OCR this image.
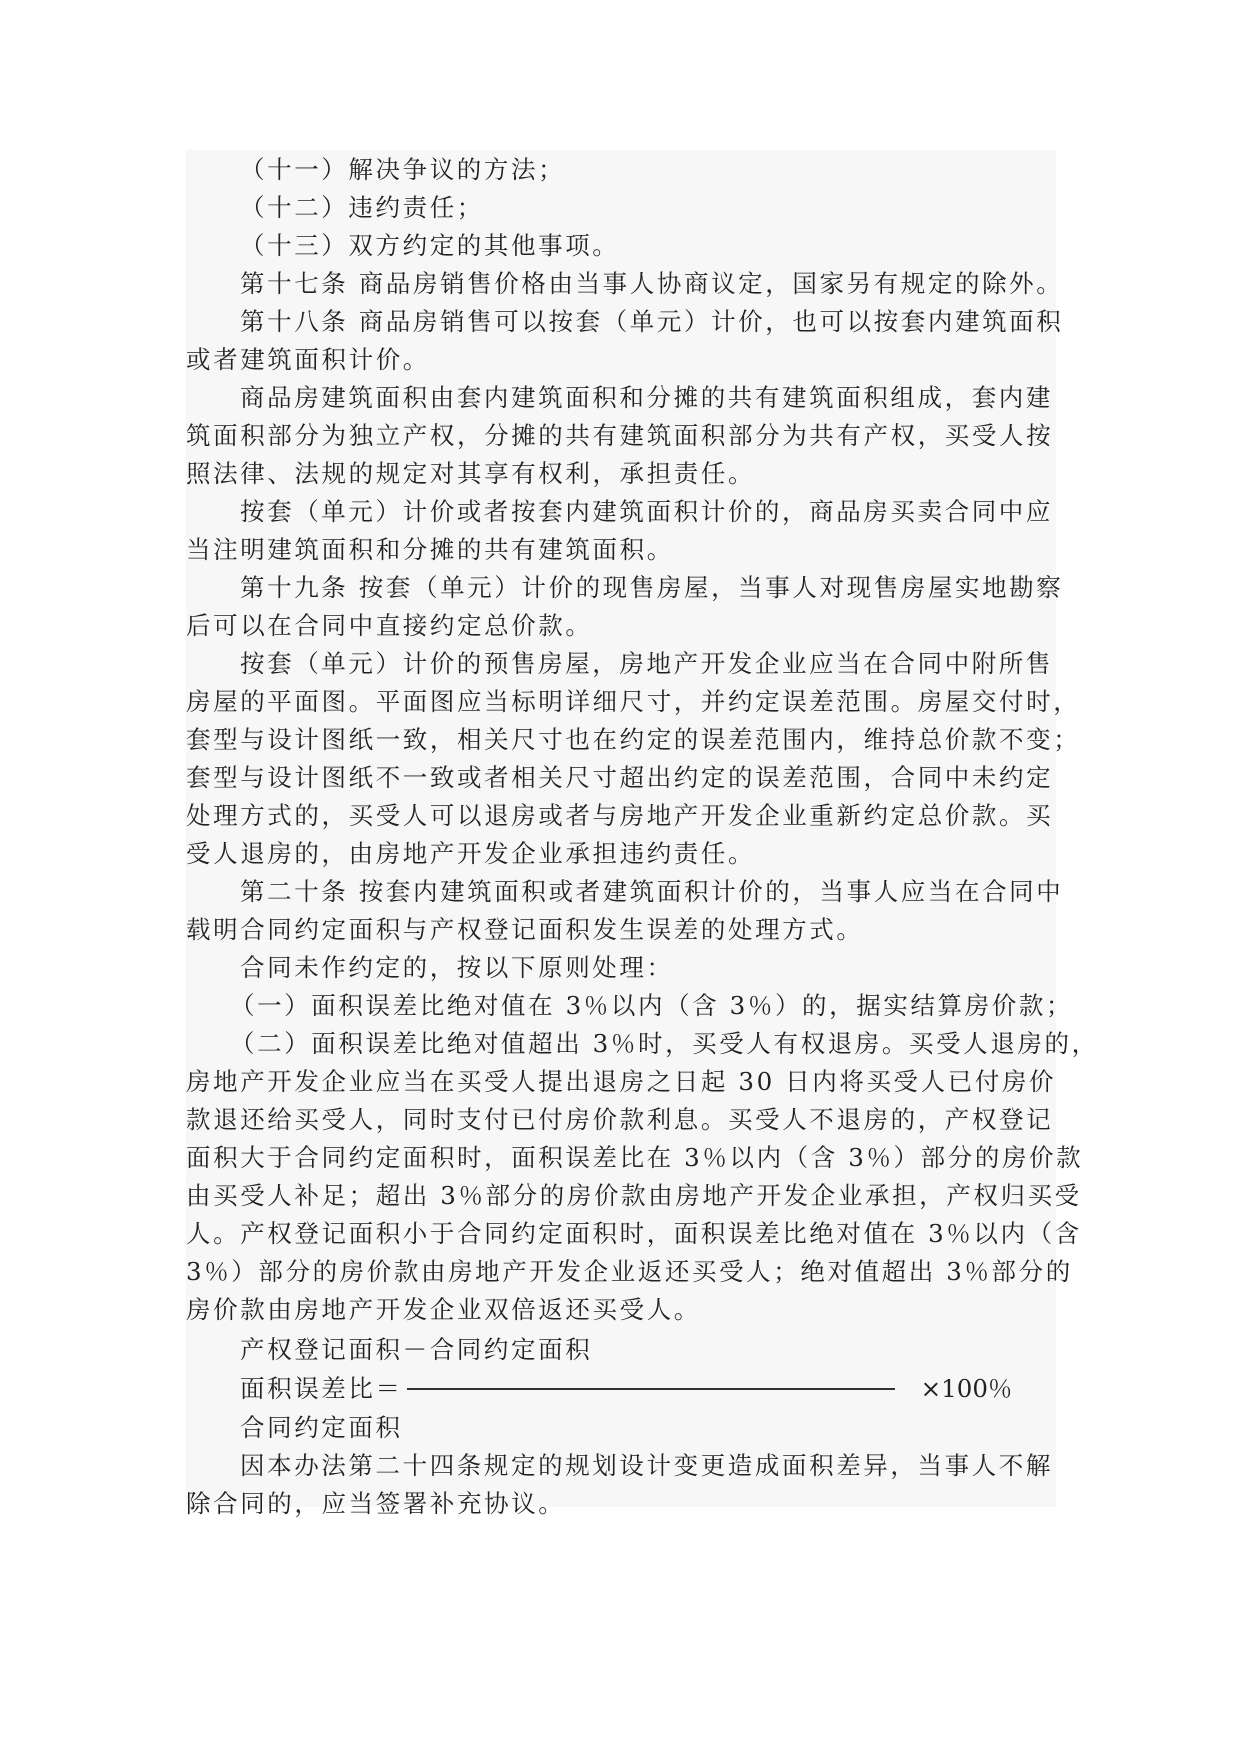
（十一）解决争议的方法；
（十二）违约责任；
（十三）双方约定的其他事项。
第十七条 商品房销售价格由当事人协商议定，国家另有规定的除外。
第十八条 商品房销售可以按套（单元）计价，也可以按套内建筑面积
或者建筑面积计价。
商品房建筑面积由套内建筑面积和分摊的共有建筑面积组成，套内建
筑面积部分为独立产权，分摊的共有建筑面积部分为共有产权，买受人按
照法律、法规的规定对其享有权利，承担责任。
按套（单元）计价或者按套内建筑面积计价的，商品房买卖合同中应
当注明建筑面积和分摊的共有建筑面积。
第十九条 按套（单元）计价的现售房屋，当事人对现售房屋实地勘察
后可以在合同中直接约定总价款。
按套（单元）计价的预售房屋，房地产开发企业应当在合同中附所售
房屋的平面图。平面图应当标明详细尺寸，并约定误差范围。房屋交付时，
套型与设计图纸一致，相关尺寸也在约定的误差范围内，维持总价款不变；
套型与设计图纸不一致或者相关尺寸超出约定的误差范围，合同中未约定
处理方式的，买受人可以退房或者与房地产开发企业重新约定总价款。买
受人退房的，由房地产开发企业承担违约责任。
第二十条 按套内建筑面积或者建筑面积计价的，当事人应当在合同中
载明合同约定面积与产权登记面积发生误差的处理方式。
合同未作约定的，按以下原则处理：
（一）面积误差比绝对值在 3％以内（含 3％）的，据实结算房价款；
（二）面积误差比绝对值超出 3％时，买受人有权退房。买受人退房的，
房地产开发企业应当在买受人提出退房之日起 30 日内将买受人已付房价
款退还给买受人，同时支付已付房价款利息。买受人不退房的，产权登记
面积大于合同约定面积时，面积误差比在 3％以内（含 3％）部分的房价款
由买受人补足；超出 3％部分的房价款由房地产开发企业承担，产权归买受
人。产权登记面积小于合同约定面积时，面积误差比绝对值在 3％以内（含
3％）部分的房价款由房地产开发企业返还买受人；绝对值超出 3％部分的
房价款由房地产开发企业双倍返还买受人。
产权登记面积－合同约定面积
面积误差比＝	×100％
合同约定面积
因本办法第二十四条规定的规划设计变更造成面积差异，当事人不解
除合同的，应当签署补充协议。
